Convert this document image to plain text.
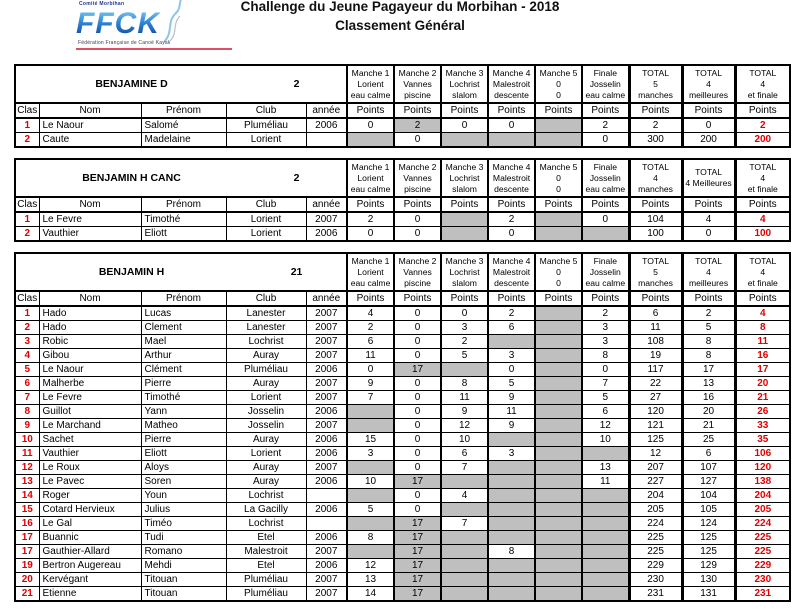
Comité Morbihan
FFCK
Fédération Française de Canoë Kayak
Challenge du Jeune Pagayeur du Morbihan - 2018
Classement Général
BENJAMINE D	2

Manche 1
Lorient
eau calme

Manche 2
Vannes
piscine

Manche 3
Lochrist
slalom

Manche 4
Malestroit
descente

Manche 5
0
0

Finale
Josselin
eau calme

TOTAL
5
manches

TOTAL
4
meilleures

TOTAL
4
et finale

Clas	Nom	Prénom	Club	année	Points	Points	Points	Points	Points	Points	Points	Points	Points
1	Le Naour	Salomé	Pluméliau	2006	0	2	0	0		2	2	0	2
2	Caute	Madelaine	Lorient			0				0	300	200	200
BENJAMIN H CANC	2

Manche 1
Lorient
eau calme

Manche 2
Vannes
piscine

Manche 3
Lochrist
slalom

Manche 4
Malestroit
descente

Manche 5
0
0

Finale
Josselin
eau calme

TOTAL
4
manches

TOTAL
4 Meilleures

TOTAL
4
et finale

Clas	Nom	Prénom	Club	année	Points	Points	Points	Points	Points	Points	Points	Points	Points
1	Le Fevre	Timothé	Lorient	2007	2	0		2		0	104	4	4
2	Vauthier	Eliott	Lorient	2006	0	0		0			100	0	100
BENJAMIN H	21

Manche 1
Lorient
eau calme

Manche 2
Vannes
piscine

Manche 3
Lochrist
slalom

Manche 4
Malestroit
descente

Manche 5
0
0

Finale
Josselin
eau calme

TOTAL
5
manches

TOTAL
4
meilleures

TOTAL
4
et finale

Clas	Nom	Prénom	Club	année	Points	Points	Points	Points	Points	Points	Points	Points	Points
1	Hado	Lucas	Lanester	2007	4	0	0	2		2	6	2	4
2	Hado	Clement	Lanester	2007	2	0	3	6		3	11	5	8
3	Robic	Mael	Lochrist	2007	6	0	2			3	108	8	11
4	Gibou	Arthur	Auray	2007	11	0	5	3		8	19	8	16
5	Le Naour	Clément	Pluméliau	2006	0	17		0		0	117	17	17
6	Malherbe	Pierre	Auray	2007	9	0	8	5		7	22	13	20
7	Le Fevre	Timothé	Lorient	2007	7	0	11	9		5	27	16	21
8	Guillot	Yann	Josselin	2006		0	9	11		6	120	20	26
9	Le Marchand	Matheo	Josselin	2007		0	12	9		12	121	21	33
10	Sachet	Pierre	Auray	2006	15	0	10			10	125	25	35
11	Vauthier	Eliott	Lorient	2006	3	0	6	3			12	6	106
12	Le Roux	Aloys	Auray	2007		0	7			13	207	107	120
13	Le Pavec	Soren	Auray	2006	10	17				11	227	127	138
14	Roger	Youn	Lochrist			0	4				204	104	204
15	Cotard Hervieux	Julius	La Gacilly	2006	5	0					205	105	205
16	Le Gal	Timéo	Lochrist			17	7				224	124	224
17	Buannic	Tudi	Etel	2006	8	17					225	125	225
17	Gauthier-Allard	Romano	Malestroit	2007		17		8			225	125	225
19	Bertron Augereau	Mehdi	Etel	2006	12	17					229	129	229
20	Kervégant	Titouan	Pluméliau	2007	13	17					230	130	230
21	Etienne	Titouan	Pluméliau	2007	14	17					231	131	231
